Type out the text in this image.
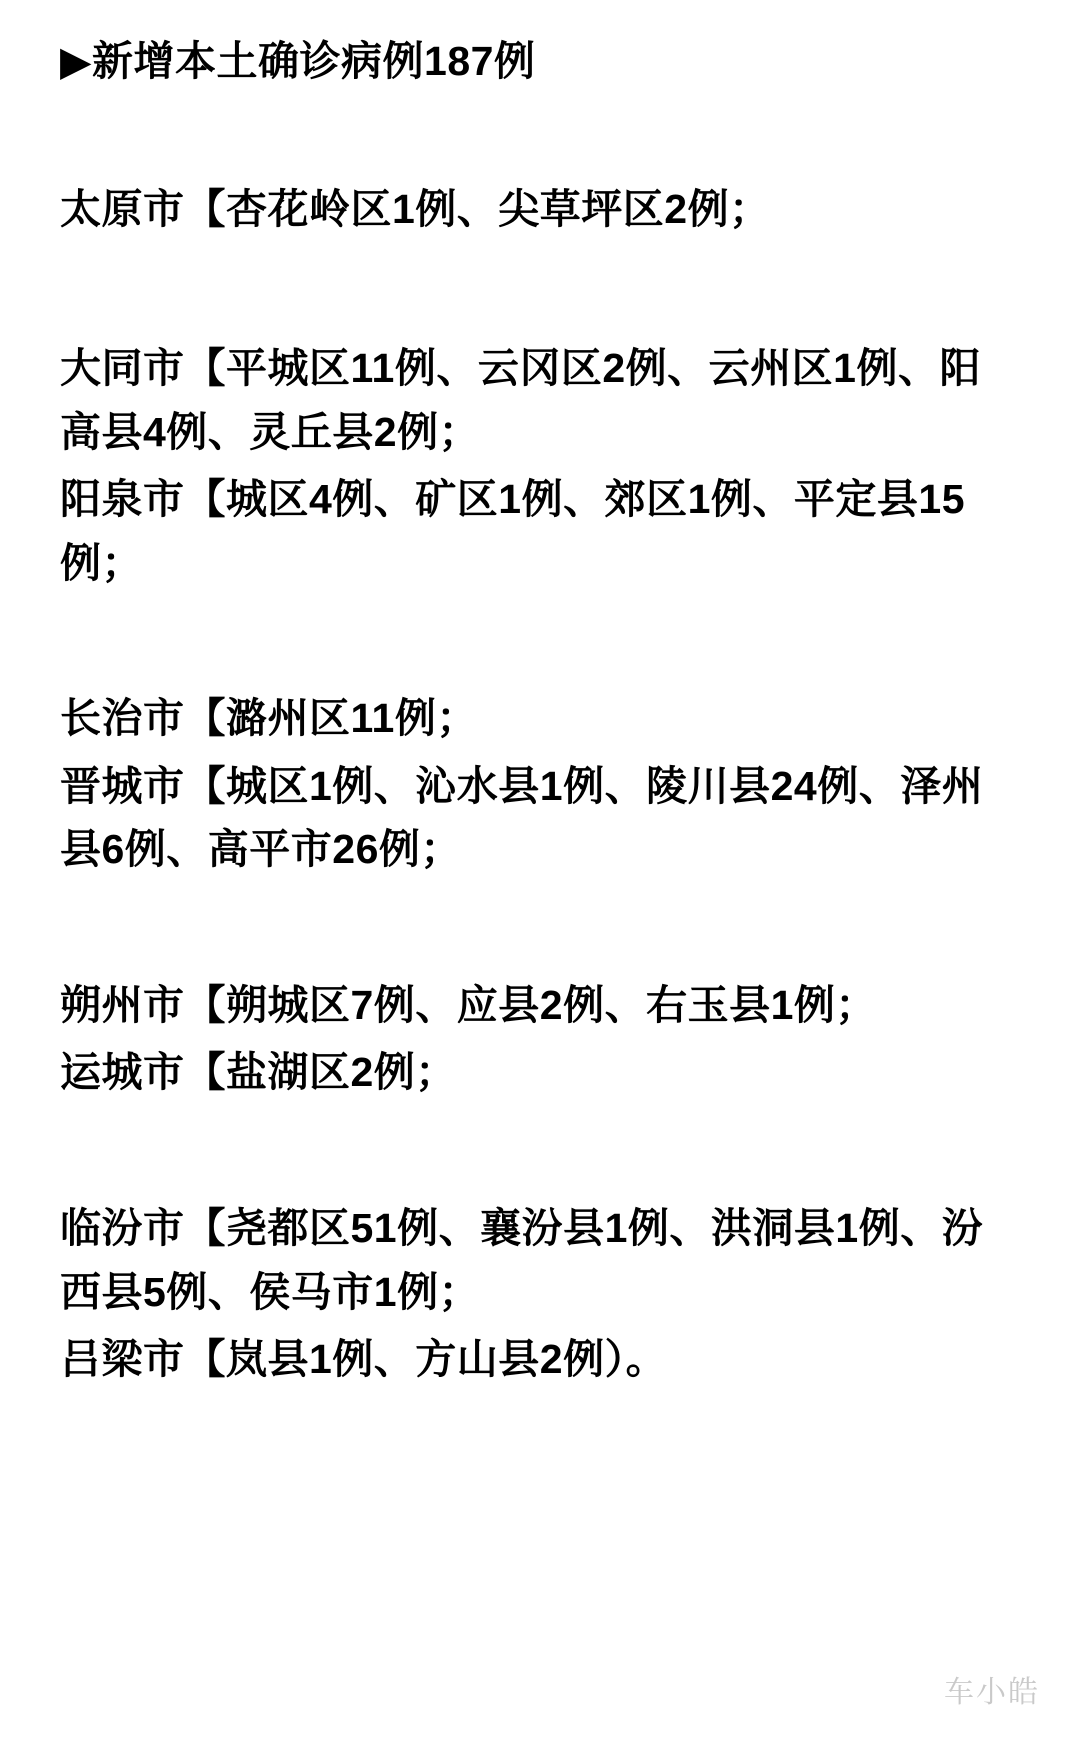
▶新增本土确诊病例187例

太原市【杏花岭区1例、尖草坪区2例；

大同市【平城区11例、云冈区2例、云州区1例、阳高县4例、灵丘县2例；

阳泉市【城区4例、矿区1例、郊区1例、平定县15例；

长治市【潞州区11例；

晋城市【城区1例、沁水县1例、陵川县24例、泽州县6例、高平市26例；

朔州市【朔城区7例、应县2例、右玉县1例；

运城市【盐湖区2例；

临汾市【尧都区51例、襄汾县1例、洪洞县1例、汾西县5例、侯马市1例；

吕梁市【岚县1例、方山县2例）。

车小皓
